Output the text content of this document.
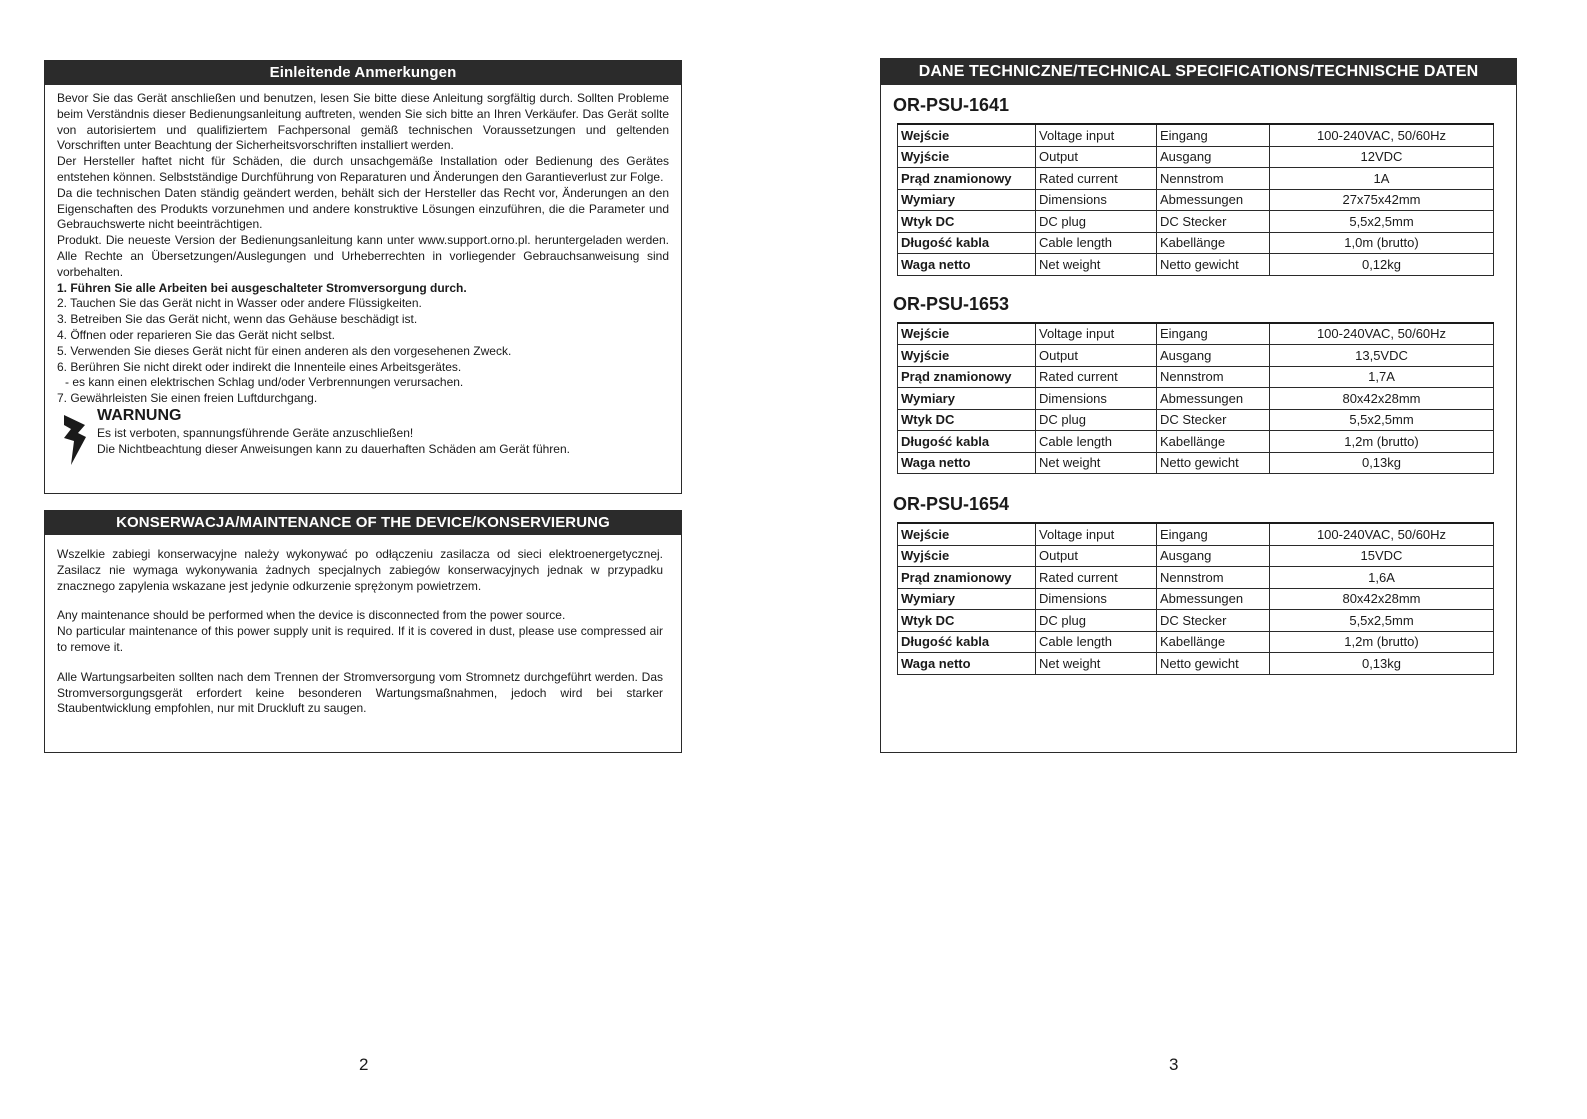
Einleitende Anmerkungen

Bevor Sie das Gerät anschließen und benutzen, lesen Sie bitte diese Anleitung sorgfältig durch. Sollten Probleme beim Verständnis dieser Bedienungsanleitung auftreten, wenden Sie sich bitte an Ihren Verkäufer. Das Gerät sollte von autorisiertem und qualifiziertem Fachpersonal gemäß technischen Voraussetzungen und geltenden Vorschriften unter Beachtung der Sicherheitsvorschriften installiert werden.

Der Hersteller haftet nicht für Schäden, die durch unsachgemäße Installation oder Bedienung des Gerätes entstehen können. Selbstständige Durchführung von Reparaturen und Änderungen den Garantieverlust zur Folge.

Da die technischen Daten ständig geändert werden, behält sich der Hersteller das Recht vor, Änderungen an den Eigenschaften des Produkts vorzunehmen und andere konstruktive Lösungen einzuführen, die die Parameter und Gebrauchswerte nicht beeinträchtigen.

Produkt. Die neueste Version der Bedienungsanleitung kann unter www.support.orno.pl. heruntergeladen werden. Alle Rechte an Übersetzungen/Auslegungen und Urheberrechten in vorliegender Gebrauchsanweisung sind vorbehalten.

1. Führen Sie alle Arbeiten bei ausgeschalteter Stromversorgung durch.
2. Tauchen Sie das Gerät nicht in Wasser oder andere Flüssigkeiten.
3. Betreiben Sie das Gerät nicht, wenn das Gehäuse beschädigt ist.
4. Öffnen oder reparieren Sie das Gerät nicht selbst.
5. Verwenden Sie dieses Gerät nicht für einen anderen als den vorgesehenen Zweck.
6. Berühren Sie nicht direkt oder indirekt die Innenteile eines Arbeitsgerätes.
- es kann einen elektrischen Schlag und/oder Verbrennungen verursachen.
7. Gewährleisten Sie einen freien Luftdurchgang.
WARNUNG
Es ist verboten, spannungsführende Geräte anzuschließen!
Die Nichtbeachtung dieser Anweisungen kann zu dauerhaften Schäden am Gerät führen.
KONSERWACJA/MAINTENANCE OF THE DEVICE/KONSERVIERUNG

Wszelkie zabiegi konserwacyjne należy wykonywać po odłączeniu zasilacza od sieci elektroenergetycznej. Zasilacz nie wymaga wykonywania żadnych specjalnych zabiegów konserwacyjnych jednak w przypadku znacznego zapylenia wskazane jest jedynie odkurzenie sprężonym powietrzem.

Any maintenance should be performed when the device is disconnected from the power source.

No particular maintenance of this power supply unit is required. If it is covered in dust, please use compressed air to remove it.

Alle Wartungsarbeiten sollten nach dem Trennen der Stromversorgung vom Stromnetz durchgeführt werden. Das Stromversorgungsgerät erfordert keine besonderen Wartungsmaßnahmen, jedoch wird bei starker Staubentwicklung empfohlen, nur mit Druckluft zu saugen.

DANE TECHNICZNE/TECHNICAL SPECIFICATIONS/TECHNISCHE DATEN
OR-PSU-1641
Wejście	Voltage input	Eingang	100-240VAC, 50/60Hz
Wyjście	Output	Ausgang	12VDC
Prąd znamionowy	Rated current	Nennstrom	1A
Wymiary	Dimensions	Abmessungen	27x75x42mm
Wtyk DC	DC plug	DC Stecker	5,5x2,5mm
Długość kabla	Cable length	Kabellänge	1,0m (brutto)
Waga netto	Net weight	Netto gewicht	0,12kg
OR-PSU-1653
Wejście	Voltage input	Eingang	100-240VAC, 50/60Hz
Wyjście	Output	Ausgang	13,5VDC
Prąd znamionowy	Rated current	Nennstrom	1,7A
Wymiary	Dimensions	Abmessungen	80x42x28mm
Wtyk DC	DC plug	DC Stecker	5,5x2,5mm
Długość kabla	Cable length	Kabellänge	1,2m (brutto)
Waga netto	Net weight	Netto gewicht	0,13kg
OR-PSU-1654
Wejście	Voltage input	Eingang	100-240VAC, 50/60Hz
Wyjście	Output	Ausgang	15VDC
Prąd znamionowy	Rated current	Nennstrom	1,6A
Wymiary	Dimensions	Abmessungen	80x42x28mm
Wtyk DC	DC plug	DC Stecker	5,5x2,5mm
Długość kabla	Cable length	Kabellänge	1,2m (brutto)
Waga netto	Net weight	Netto gewicht	0,13kg
2	3
